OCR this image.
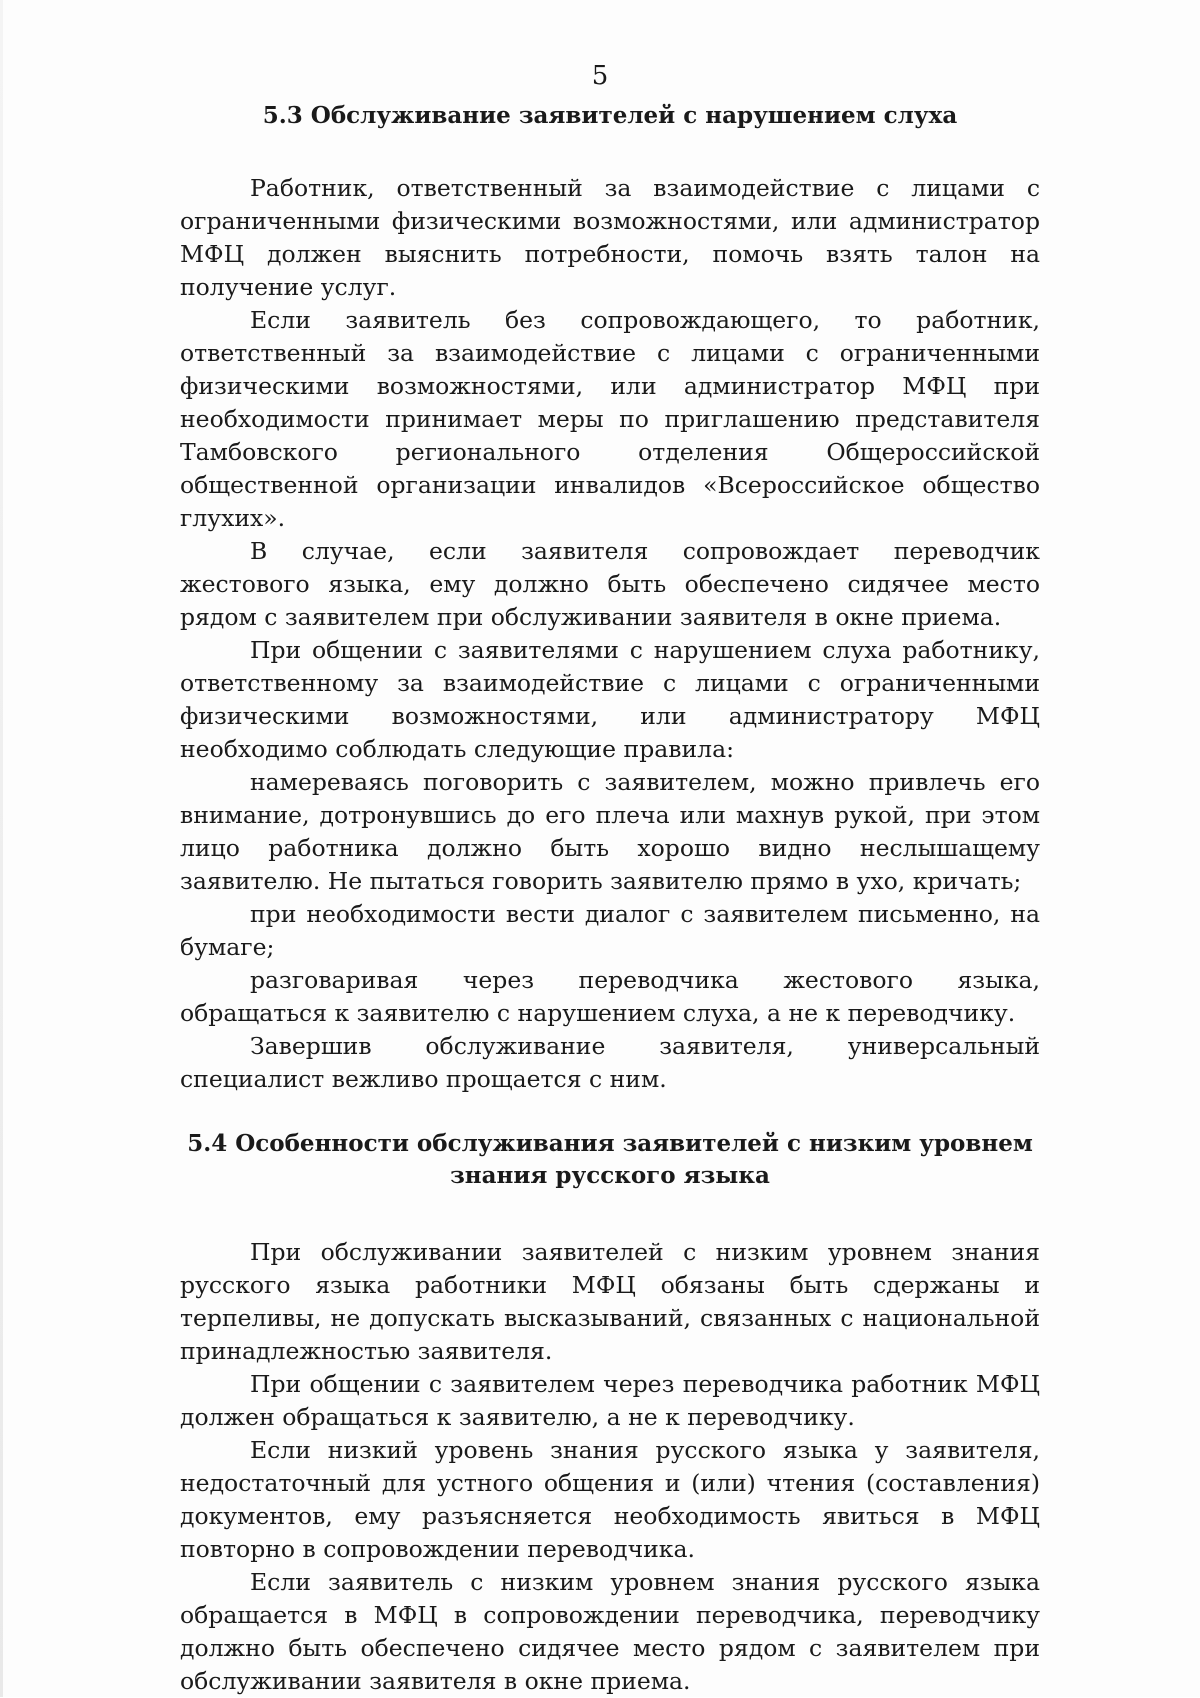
5
5.3 Обслуживание заявителей с нарушением слуха

Работник, ответственный за взаимодействие с лицами с ограниченными физическими возможностями, или администратор МФЦ должен выяснить потребности, помочь взять талон на получение услуг.

Если заявитель без сопровождающего, то работник, ответственный за взаимодействие с лицами с ограниченными физическими возможностями, или администратор МФЦ при необходимости принимает меры по приглашению представителя Тамбовского регионального отделения Общероссийской общественной организации инвалидов «Всероссийское общество глухих».

В случае, если заявителя сопровождает переводчик жестового языка, ему должно быть обеспечено сидячее место рядом с заявителем при обслуживании заявителя в окне приема.

При общении с заявителями с нарушением слуха работнику, ответственному за взаимодействие с лицами с ограниченными физическими возможностями, или администратору МФЦ необходимо соблюдать следующие правила:

намереваясь поговорить с заявителем, можно привлечь его внимание, дотронувшись до его плеча или махнув рукой, при этом лицо работника должно быть хорошо видно неслышащему заявителю. Не пытаться говорить заявителю прямо в ухо, кричать;

при необходимости вести диалог с заявителем письменно, на бумаге;

разговаривая через переводчика жестового языка, обращаться к заявителю с нарушением слуха, а не к переводчику.

Завершив обслуживание заявителя, универсальный специалист вежливо прощается с ним.

5.4 Особенности обслуживания заявителей с низким уровнем
знания русского языка

При обслуживании заявителей с низким уровнем знания русского языка работники МФЦ обязаны быть сдержаны и терпеливы, не допускать высказываний, связанных с национальной принадлежностью заявителя.

При общении с заявителем через переводчика работник МФЦ должен обращаться к заявителю, а не к переводчику.

Если низкий уровень знания русского языка у заявителя, недостаточный для устного общения и (или) чтения (составления) документов, ему разъясняется необходимость явиться в МФЦ повторно в сопровождении переводчика.

Если заявитель с низким уровнем знания русского языка обращается в МФЦ в сопровождении переводчика, переводчику должно быть обеспечено сидячее место рядом с заявителем при обслуживании заявителя в окне приема.
